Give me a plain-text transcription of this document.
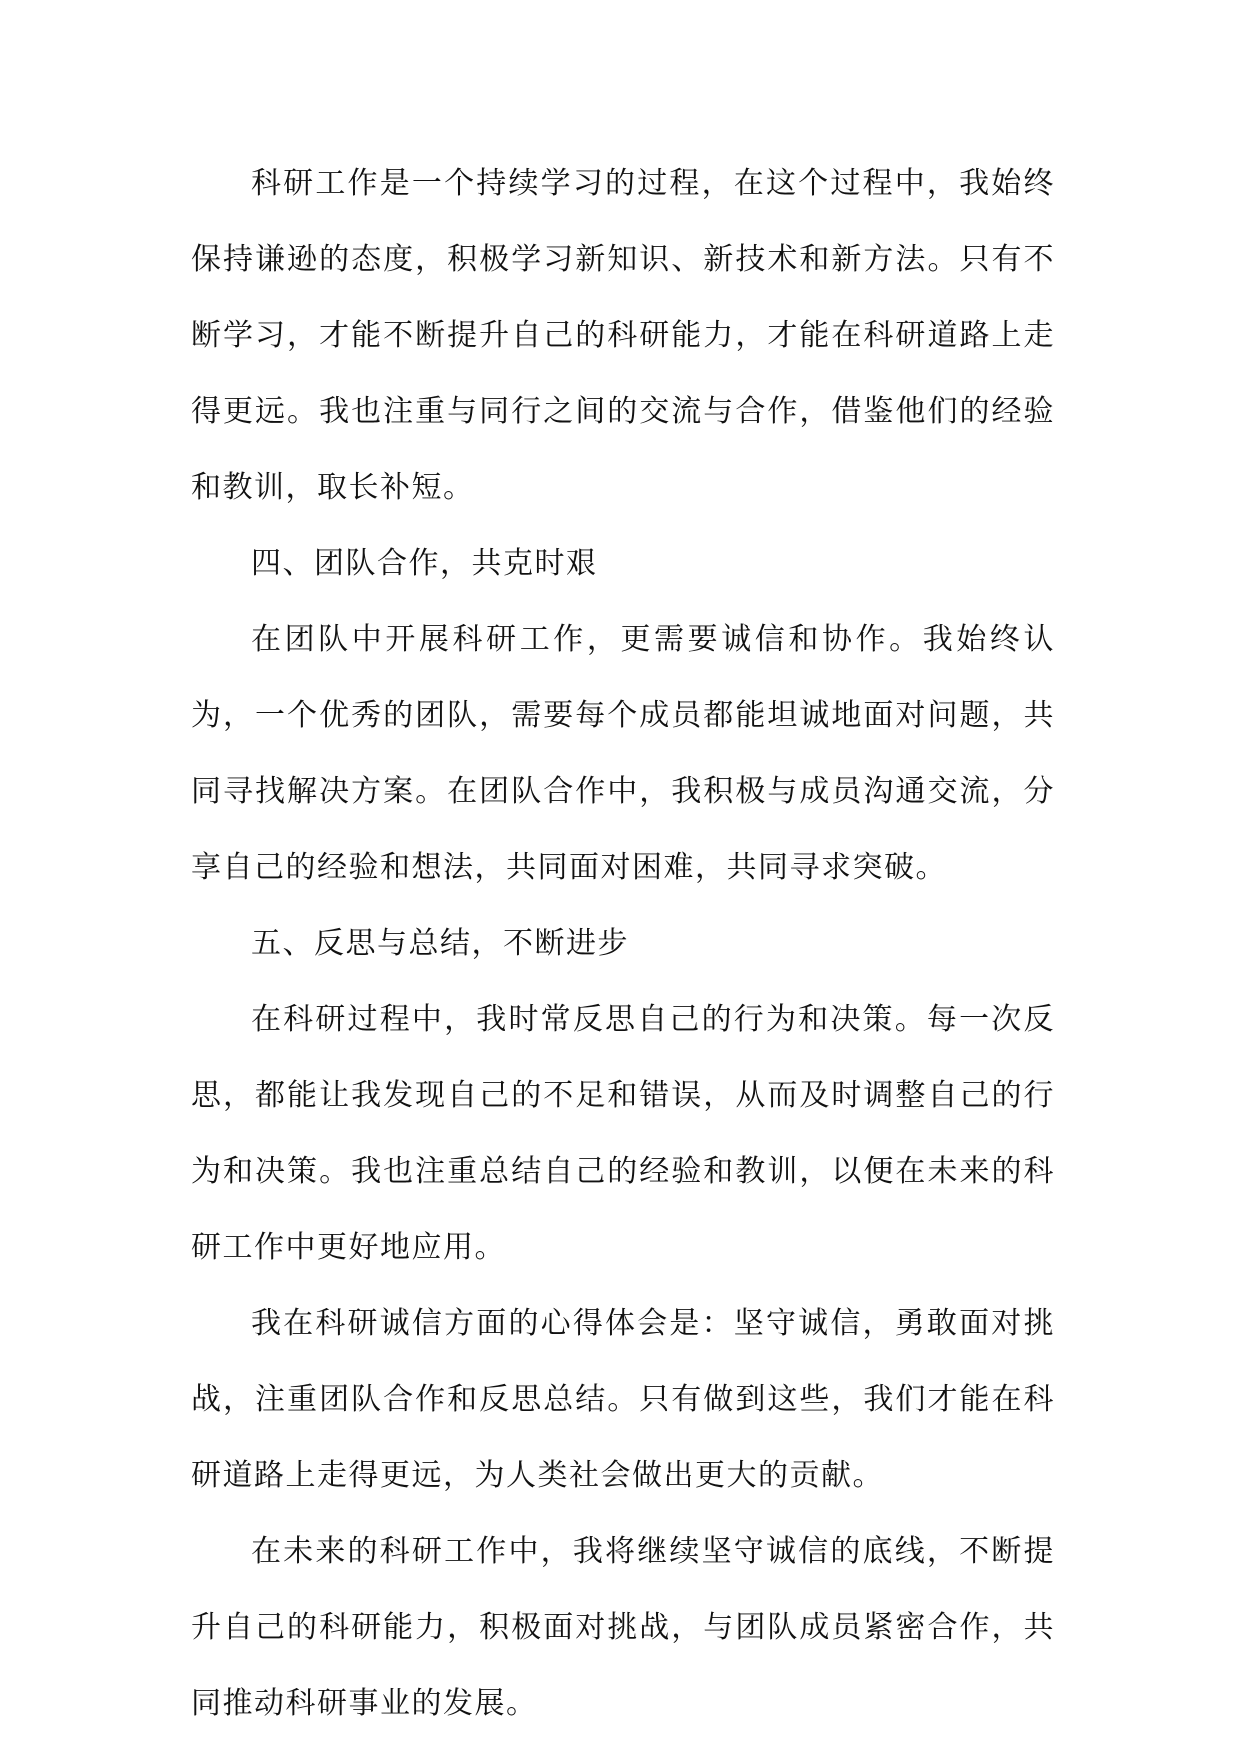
科研工作是一个持续学习的过程，在这个过程中，我始终保持谦逊的态度，积极学习新知识、新技术和新方法。只有不断学习，才能不断提升自己的科研能力，才能在科研道路上走得更远。我也注重与同行之间的交流与合作，借鉴他们的经验和教训，取长补短。

四、团队合作，共克时艰

在团队中开展科研工作，更需要诚信和协作。我始终认为，一个优秀的团队，需要每个成员都能坦诚地面对问题，共同寻找解决方案。在团队合作中，我积极与成员沟通交流，分享自己的经验和想法，共同面对困难，共同寻求突破。

五、反思与总结，不断进步

在科研过程中，我时常反思自己的行为和决策。每一次反思，都能让我发现自己的不足和错误，从而及时调整自己的行为和决策。我也注重总结自己的经验和教训，以便在未来的科研工作中更好地应用。

我在科研诚信方面的心得体会是：坚守诚信，勇敢面对挑战，注重团队合作和反思总结。只有做到这些，我们才能在科研道路上走得更远，为人类社会做出更大的贡献。

在未来的科研工作中，我将继续坚守诚信的底线，不断提升自己的科研能力，积极面对挑战，与团队成员紧密合作，共同推动科研事业的发展。
